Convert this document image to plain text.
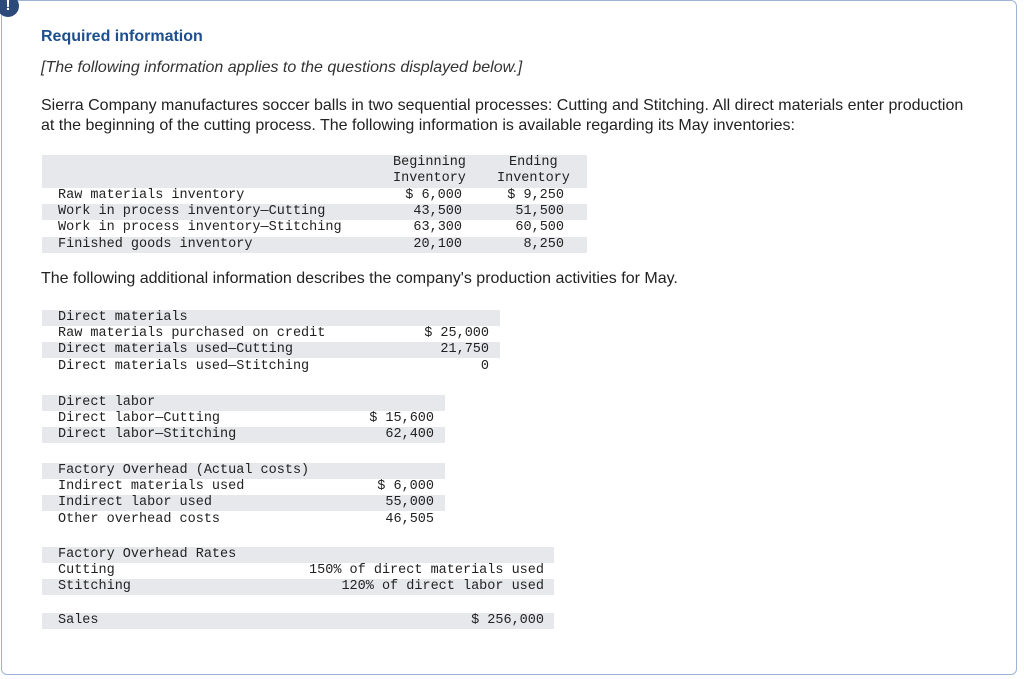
!
Required information
[The following information applies to the questions displayed below.]
Sierra Company manufactures soccer balls in two sequential processes: Cutting and Stitching. All direct materials enter production at the beginning of the cutting process. The following information is available regarding its May inventories:
Beginning
Inventory
Ending
Inventory
Raw materials inventory	$ 6,000	$ 9,250
Work in process inventory—Cutting	43,500	51,500
Work in process inventory—Stitching	63,300	60,500
Finished goods inventory	20,100	8,250
The following additional information describes the company's production activities for May.
Direct materials
Raw materials purchased on credit	$ 25,000
Direct materials used—Cutting	21,750
Direct materials used—Stitching	0
Direct labor
Direct labor—Cutting	$ 15,600
Direct labor—Stitching	62,400
Factory Overhead (Actual costs)
Indirect materials used	$ 6,000
Indirect labor used	55,000
Other overhead costs	46,505
Factory Overhead Rates
Cutting	150% of direct materials used
Stitching	120% of direct labor used
Sales	$ 256,000
